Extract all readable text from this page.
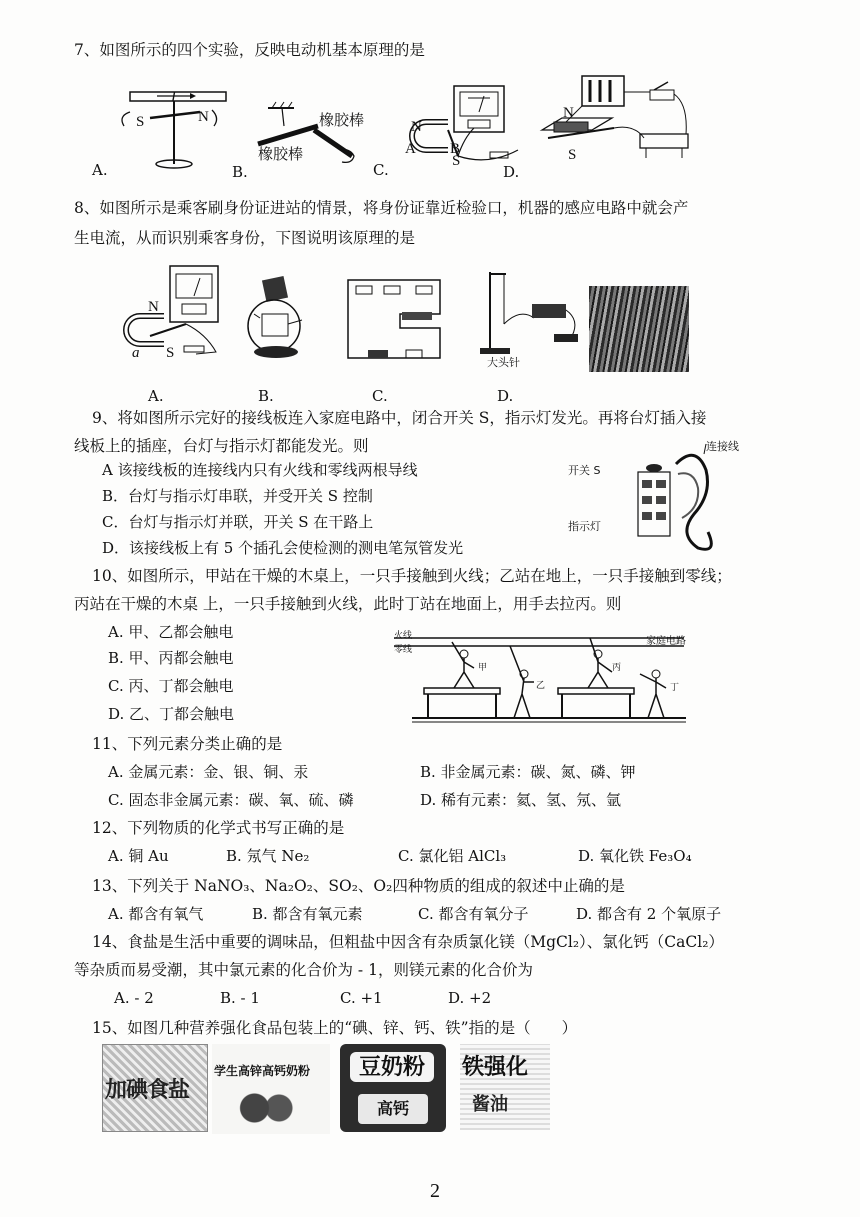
7、如图所示的四个实验，反映电动机基本原理的是
I
S	N
A.
橡胶棒
橡胶棒
B.
N
A B
S
C.
N
S
D.
8、如图所示是乘客刷身份证进站的情景，将身份证靠近检验口，机器的感应电路中就会产
生电流，从而识别乘客身份，下图说明该原理的是
N
a S
A.	B.	C.
大头针
D.
9、将如图所示完好的接线板连入家庭电路中，闭合开关 S，指示灯发光。再将台灯插入接
线板上的插座，台灯与指示灯都能发光。则
A 该接线板的连接线内只有火线和零线两根导线
B．台灯与指示灯串联，并受开关 S 控制
C．台灯与指示灯并联，开关 S 在干路上
D．该接线板上有 5 个插孔会使检测的测电笔氖管发光
连接线
开关 S
指示灯
10、如图所示，甲站在干燥的木桌上，一只手接触到火线；乙站在地上，一只手接触到零线；
丙站在干燥的木桌 上，一只手接触到火线，此时丁站在地面上，用手去拉丙。则
A. 甲、乙都会触电
B. 甲、丙都会触电
C. 丙、丁都会触电
D. 乙、丁都会触电
火线
零线
家庭电路
甲
乙
丙
丁
11、下列元素分类止确的是
A. 金属元素：金、银、铜、汞	B. 非金属元素：碳、氮、磷、钾
C. 固态非金属元素：碳、氧、硫、磷	D. 稀有元素：氦、氢、氖、氩
12、下列物质的化学式书写正确的是
A. 铜 Au	B. 氖气 Ne₂	C. 氯化铝 AlCl₃	D. 氧化铁 Fe₃O₄
13、下列关于 NaNO₃、Na₂O₂、SO₂、O₂四种物质的组成的叙述中止确的是
A. 都含有氧气	B. 都含有氧元素	C. 都含有氧分子	D. 都含有 2 个氧原子
14、食盐是生活中重要的调味品，但粗盐中因含有杂质氯化镁（MgCl₂）、氯化钙（CaCl₂）
等杂质而易受潮，其中氯元素的化合价为 - 1，则镁元素的化合价为
A. - 2	B. - 1	C. +1	D. +2
15、如图几种营养强化食品包装上的“碘、锌、钙、铁”指的是（　　）
加碘食盐
学生高锌高钙奶粉	豆奶粉
高钙
铁强化
酱油
2
